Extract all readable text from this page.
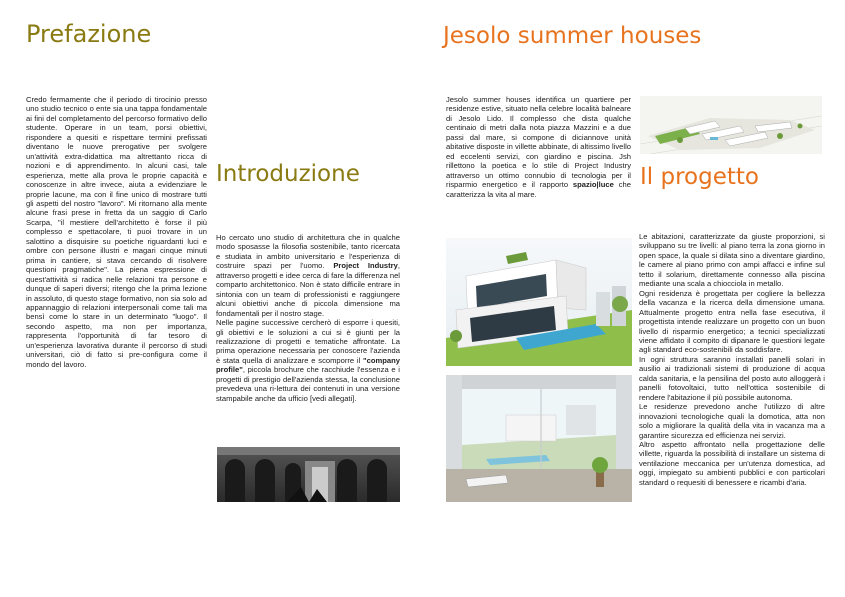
Prefazione
Credo fermamente che il periodo di tirocinio presso uno studio tecnico o ente sia una tappa fondamentale ai fini del completamento del percorso formativo dello studente. Operare in un team, porsi obiettivi, rispondere a quesiti e rispettare termini prefissati diventano le nuove prerogative per svolgere un'attività extra-didattica ma altrettanto ricca di nozioni e di apprendimento. In alcuni casi, tale esperienza, mette alla prova le proprie capacità e conoscenze in altre invece, aiuta a evidenziare le proprie lacune, ma con il fine unico di mostrare tutti gli aspetti del nostro "lavoro". Mi ritornano alla mente alcune frasi prese in fretta da un saggio di Carlo Scarpa, "il mestiere dell'architetto è forse il più complesso e spettacolare, ti puoi trovare in un salottino a disquisire su poetiche riguardanti luci e ombre con persone illustri e magari cinque minuti prima in cantiere, si stava cercando di risolvere questioni pragmatiche". La piena espressione di quest'attività si radica nelle relazioni tra persone e dunque di saperi diversi; ritengo che la prima lezione in assoluto, di questo stage formativo, non sia solo ad appannaggio di relazioni interpersonali come tali ma bensì come lo stare in un determinato "luogo". Il secondo aspetto, ma non per importanza, rappresenta l'opportunità di far tesoro di un'esperienza lavorativa durante il percorso di studi universitari, ciò di fatto si pre-configura come il mondo del lavoro.
Introduzione

Ho cercato uno studio di architettura che in qualche modo sposasse la filosofia sostenibile, tanto ricercata e studiata in ambito universitario e l'esperienza di costruire spazi per l'uomo. Project Industry, attraverso progetti e idee cerca di fare la differenza nel comparto architettonico. Non è stato difficile entrare in sintonia con un team di professionisti e raggiungere alcuni obiettivi anche di piccola dimensione ma fondamentali per il nostro stage.

Nelle pagine successive cercherò di esporre i quesiti, gli obiettivi e le soluzioni a cui si è giunti per la realizzazione di progetti e tematiche affrontate. La prima operazione necessaria per conoscere l'azienda è stata quella di analizzare e scomporre il "company profile", piccola brochure che racchiude l'essenza e i progetti di prestigio dell'azienda stessa, la conclusione prevedeva una ri-lettura dei contenuti in una versione stampabile anche da ufficio [vedi allegati].

Jesolo summer houses

Jesolo summer houses identifica un quartiere per residenze estive, situato nella celebre località balneare di Jesolo Lido. Il complesso che dista qualche centinaio di metri dalla nota piazza Mazzini e a due passi dal mare, si compone di diciannove unità abitative disposte in villette abbinate, di altissimo livello ed eccelenti servizi, con giardino e piscina. Jsh rillettono la poetica e lo stile di Project Industry attraverso un ottimo connubio di tecnologia per il risparmio energetico e il rapporto spazio|luce che caratterizza la vita al mare.

Il progetto

Le abitazioni, caratterizzate da giuste proporzioni, si sviluppano su tre livelli: al piano terra la zona giorno in open space, la quale si dilata sino a diventare giardino, le camere al piano primo con ampi affacci e infine sul tetto il solarium, direttamente connesso alla piscina mediante una scala a chiocciola in metallo.

Ogni residenza è progettata per cogliere la bellezza della vacanza e la ricerca della dimensione umana. Attualmente progetto entra nella fase esecutiva, il progettista intende realizzare un progetto con un buon livello di risparmio energetico; a tecnici specializzati viene affidato il compito di dipanare le questioni legate agli standard eco-sostenibili da soddisfare.

In ogni struttura saranno installati panelli solari in ausilio ai tradizionali sistemi di produzione di acqua calda sanitaria, e la pensilina del posto auto alloggerà i panelli fotovoltaici, tutto nell'ottica sostenibile di rendere l'abitazione il più possibile autonoma.

Le residenze prevedono anche l'utilizzo di altre innovazioni tecnologiche quali la domotica, atta non solo a migliorare la qualità della vita in vacanza ma a garantire sicurezza ed efficienza nei servizi.

Altro aspetto affrontato nella progettazione delle villette, riguarda la possibilità di installare un sistema di ventilazione meccanica per un'utenza domestica, ad oggi, impiegato su ambienti pubblici e con particolari standard o requesiti di benessere e ricambi d'aria.
